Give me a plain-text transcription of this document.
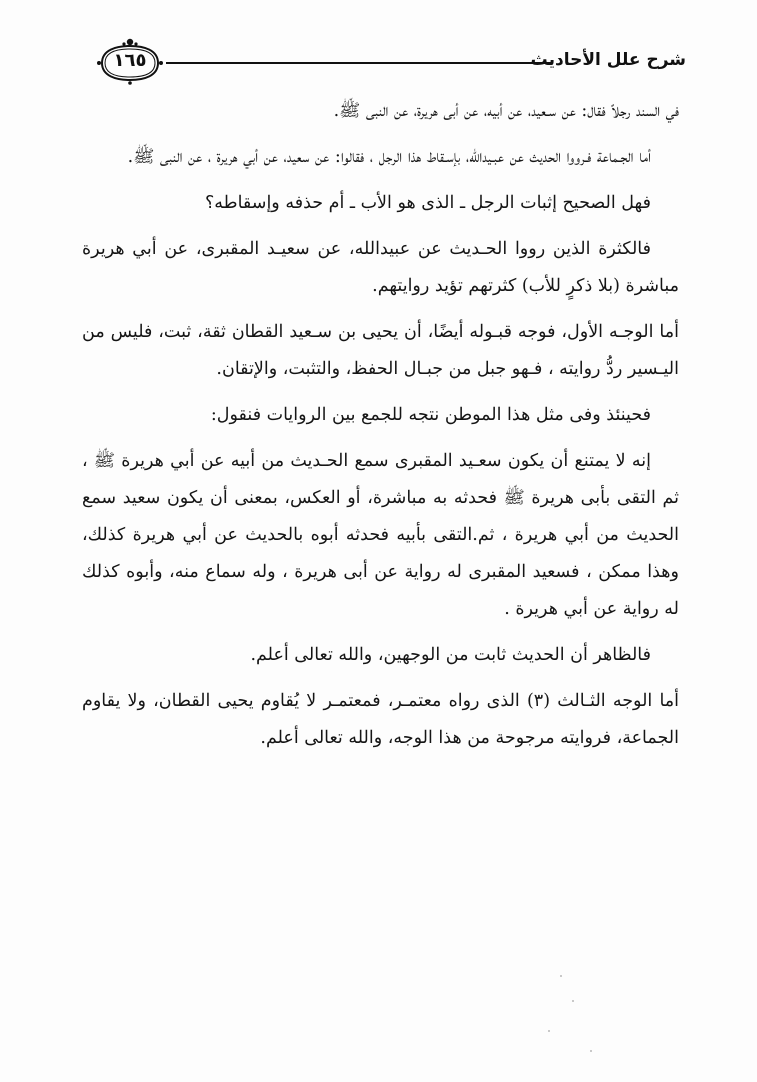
١٦٥	شرح علل الأحاديث

في السند رجلاً فقال: عن سـعيد، عن أبيه، عن أبى هريرة، عن النبى ﷺ.

أما الجـماعة فـرووا الحديث عن عبـيدالله، بإسـقاط هذا الرجل ، فقالوا: عن سعيد، عن أبي هريرة ، عن النبى ﷺ.

فهل الصحيح إثبات الرجل ـ الذى هو الأب ـ أم حذفه وإسقاطه؟

فالكثرة الذين رووا الحـديث عن عبيدالله، عن سعيـد المقبرى، عن أبي هريرة مباشرة (بلا ذكرٍ للأب) كثرتهم تؤيد روايتهم.

أما الوجـه الأول، فوجه قبـوله أيضًا، أن يحيى بن سـعيد القطان ثقة، ثبت، فليس من اليـسير ردُّ روايته ، فـهو جبل من جبـال الحفظ، والتثبت، والإتقان.

فحينئذ وفى مثل هذا الموطن نتجه للجمع بين الروايات فنقول:

إنه لا يمتنع أن يكون سعـيد المقبرى سمع الحـديث من أبيه عن أبي هريرة ﷺ ، ثم التقى بأبى هريرة ﷺ فحدثه به مباشرة، أو العكس، بمعنى أن يكون سعيد سمع الحديث من أبي هريرة ، ثم.التقى بأبيه فحدثه أبوه بالحديث عن أبي هريرة كذلك، وهذا ممكن ، فسعيد المقبرى له رواية عن أبى هريرة ، وله سماع منه، وأبوه كذلك له رواية عن أبي هريرة .

فالظاهر أن الحديث ثابت من الوجهين، والله تعالى أعلم.

أما الوجه الثـالث (٣) الذى رواه معتمـر، فمعتمـر لا يُقاوم يحيى القطان، ولا يقاوم الجماعة، فروايته مرجوحة من هذا الوجه، والله تعالى أعلم.
